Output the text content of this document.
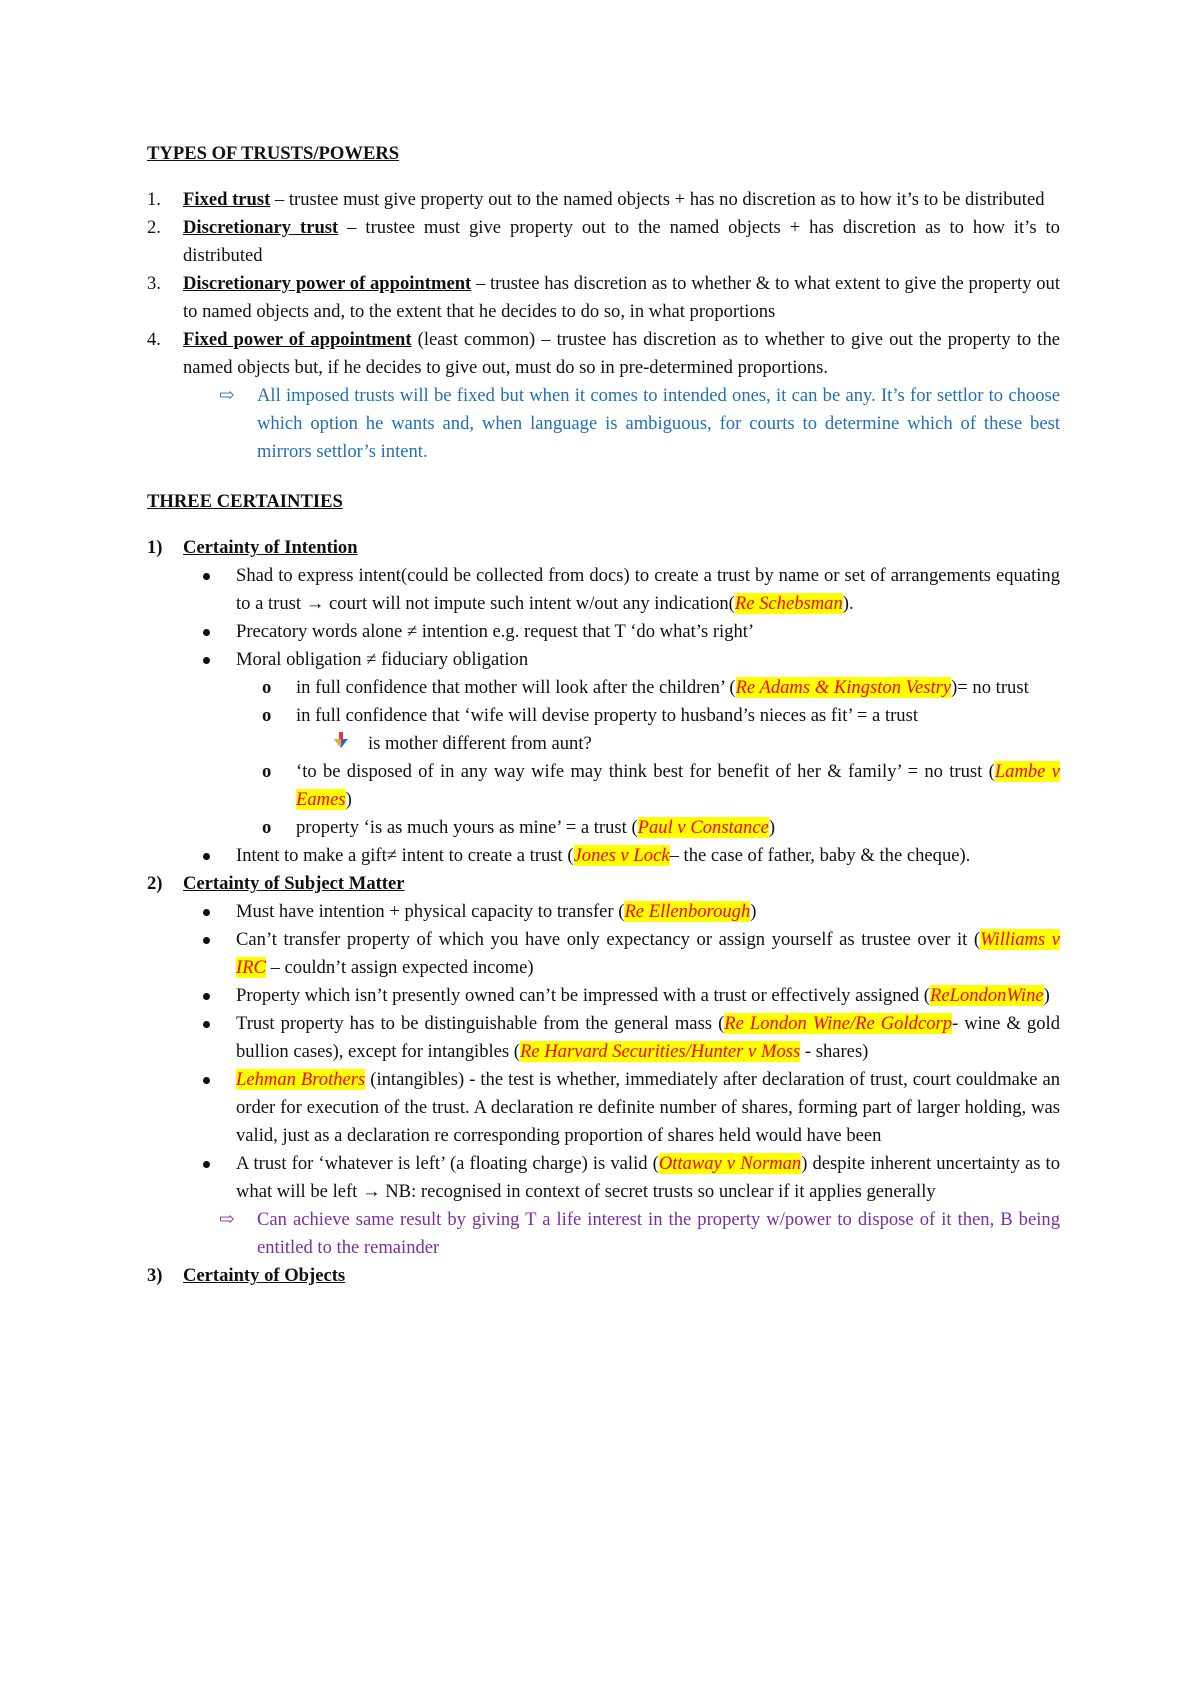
TYPES OF TRUSTS/POWERS

1. Fixed trust – trustee must give property out to the named objects + has no discretion as to how it’s to be distributed
2. Discretionary trust – trustee must give property out to the named objects + has discretion as to how it’s to distributed
3. Discretionary power of appointment – trustee has discretion as to whether & to what extent to give the property out to named objects and, to the extent that he decides to do so, in what proportions
4. Fixed power of appointment (least common) – trustee has discretion as to whether to give out the property to the named objects but, if he decides to give out, must do so in pre-determined proportions.
⇨ All imposed trusts will be fixed but when it comes to intended ones, it can be any. It’s for settlor to choose which option he wants and, when language is ambiguous, for courts to determine which of these best mirrors settlor’s intent.

THREE CERTAINTIES

1) Certainty of Intention
Shad to express intent(could be collected from docs) to create a trust by name or set of arrangements equating to a trust → court will not impute such intent w/out any indication(Re Schebsman).
Precatory words alone ≠ intention e.g. request that T ‘do what’s right’
Moral obligation ≠ fiduciary obligation
o in full confidence that mother will look after the children’ (Re Adams & Kingston Vestry)= no trust
o in full confidence that ‘wife will devise property to husband’s nieces as fit’ = a trust
is mother different from aunt?
o ‘to be disposed of in any way wife may think best for benefit of her & family’ = no trust (Lambe v Eames)
o property ‘is as much yours as mine’ = a trust (Paul v Constance)
Intent to make a gift≠ intent to create a trust (Jones v Lock– the case of father, baby & the cheque).
2) Certainty of Subject Matter
Must have intention + physical capacity to transfer (Re Ellenborough)
Can’t transfer property of which you have only expectancy or assign yourself as trustee over it (Williams v IRC – couldn’t assign expected income)
Property which isn’t presently owned can’t be impressed with a trust or effectively assigned (ReLondonWine)
Trust property has to be distinguishable from the general mass (Re London Wine/Re Goldcorp- wine & gold bullion cases), except for intangibles (Re Harvard Securities/Hunter v Moss - shares)
Lehman Brothers (intangibles) - the test is whether, immediately after declaration of trust, court couldmake an order for execution of the trust. A declaration re definite number of shares, forming part of larger holding, was valid, just as a declaration re corresponding proportion of shares held would have been
A trust for ‘whatever is left’ (a floating charge) is valid (Ottaway v Norman) despite inherent uncertainty as to what will be left → NB: recognised in context of secret trusts so unclear if it applies generally
⇨ Can achieve same result by giving T a life interest in the property w/power to dispose of it then, B being entitled to the remainder
3) Certainty of Objects
